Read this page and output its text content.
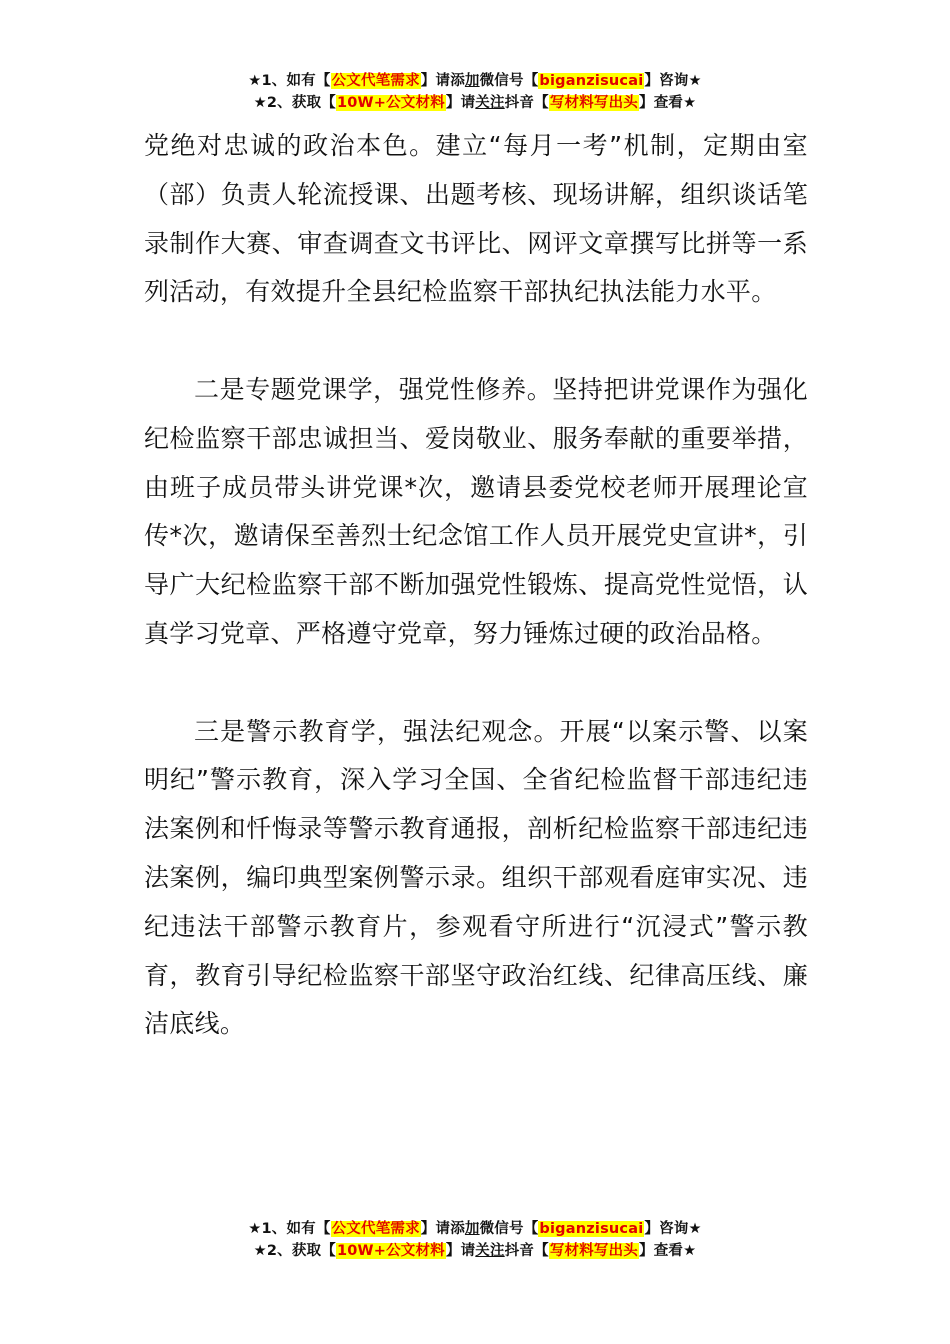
★1、如有【公文代笔需求】请添加微信号【biganzisucai】咨询★
★2、获取【10W+公文材料】请关注抖音【写材料写出头】查看★

党绝对忠诚的政治本色。建立“每月一考”机制，定期由室（部）负责人轮流授课、出题考核、现场讲解，组织谈话笔录制作大赛、审查调查文书评比、网评文章撰写比拼等一系列活动，有效提升全县纪检监察干部执纪执法能力水平。

二是专题党课学，强党性修养。坚持把讲党课作为强化纪检监察干部忠诚担当、爱岗敬业、服务奉献的重要举措，由班子成员带头讲党课*次，邀请县委党校老师开展理论宣传*次，邀请保至善烈士纪念馆工作人员开展党史宣讲*，引导广大纪检监察干部不断加强党性锻炼、提高党性觉悟，认真学习党章、严格遵守党章，努力锤炼过硬的政治品格。

三是警示教育学，强法纪观念。开展“以案示警、以案明纪”警示教育，深入学习全国、全省纪检监督干部违纪违法案例和忏悔录等警示教育通报，剖析纪检监察干部违纪违法案例，编印典型案例警示录。组织干部观看庭审实况、违纪违法干部警示教育片，参观看守所进行“沉浸式”警示教育，教育引导纪检监察干部坚守政治红线、纪律高压线、廉洁底线。

★1、如有【公文代笔需求】请添加微信号【biganzisucai】咨询★
★2、获取【10W+公文材料】请关注抖音【写材料写出头】查看★
